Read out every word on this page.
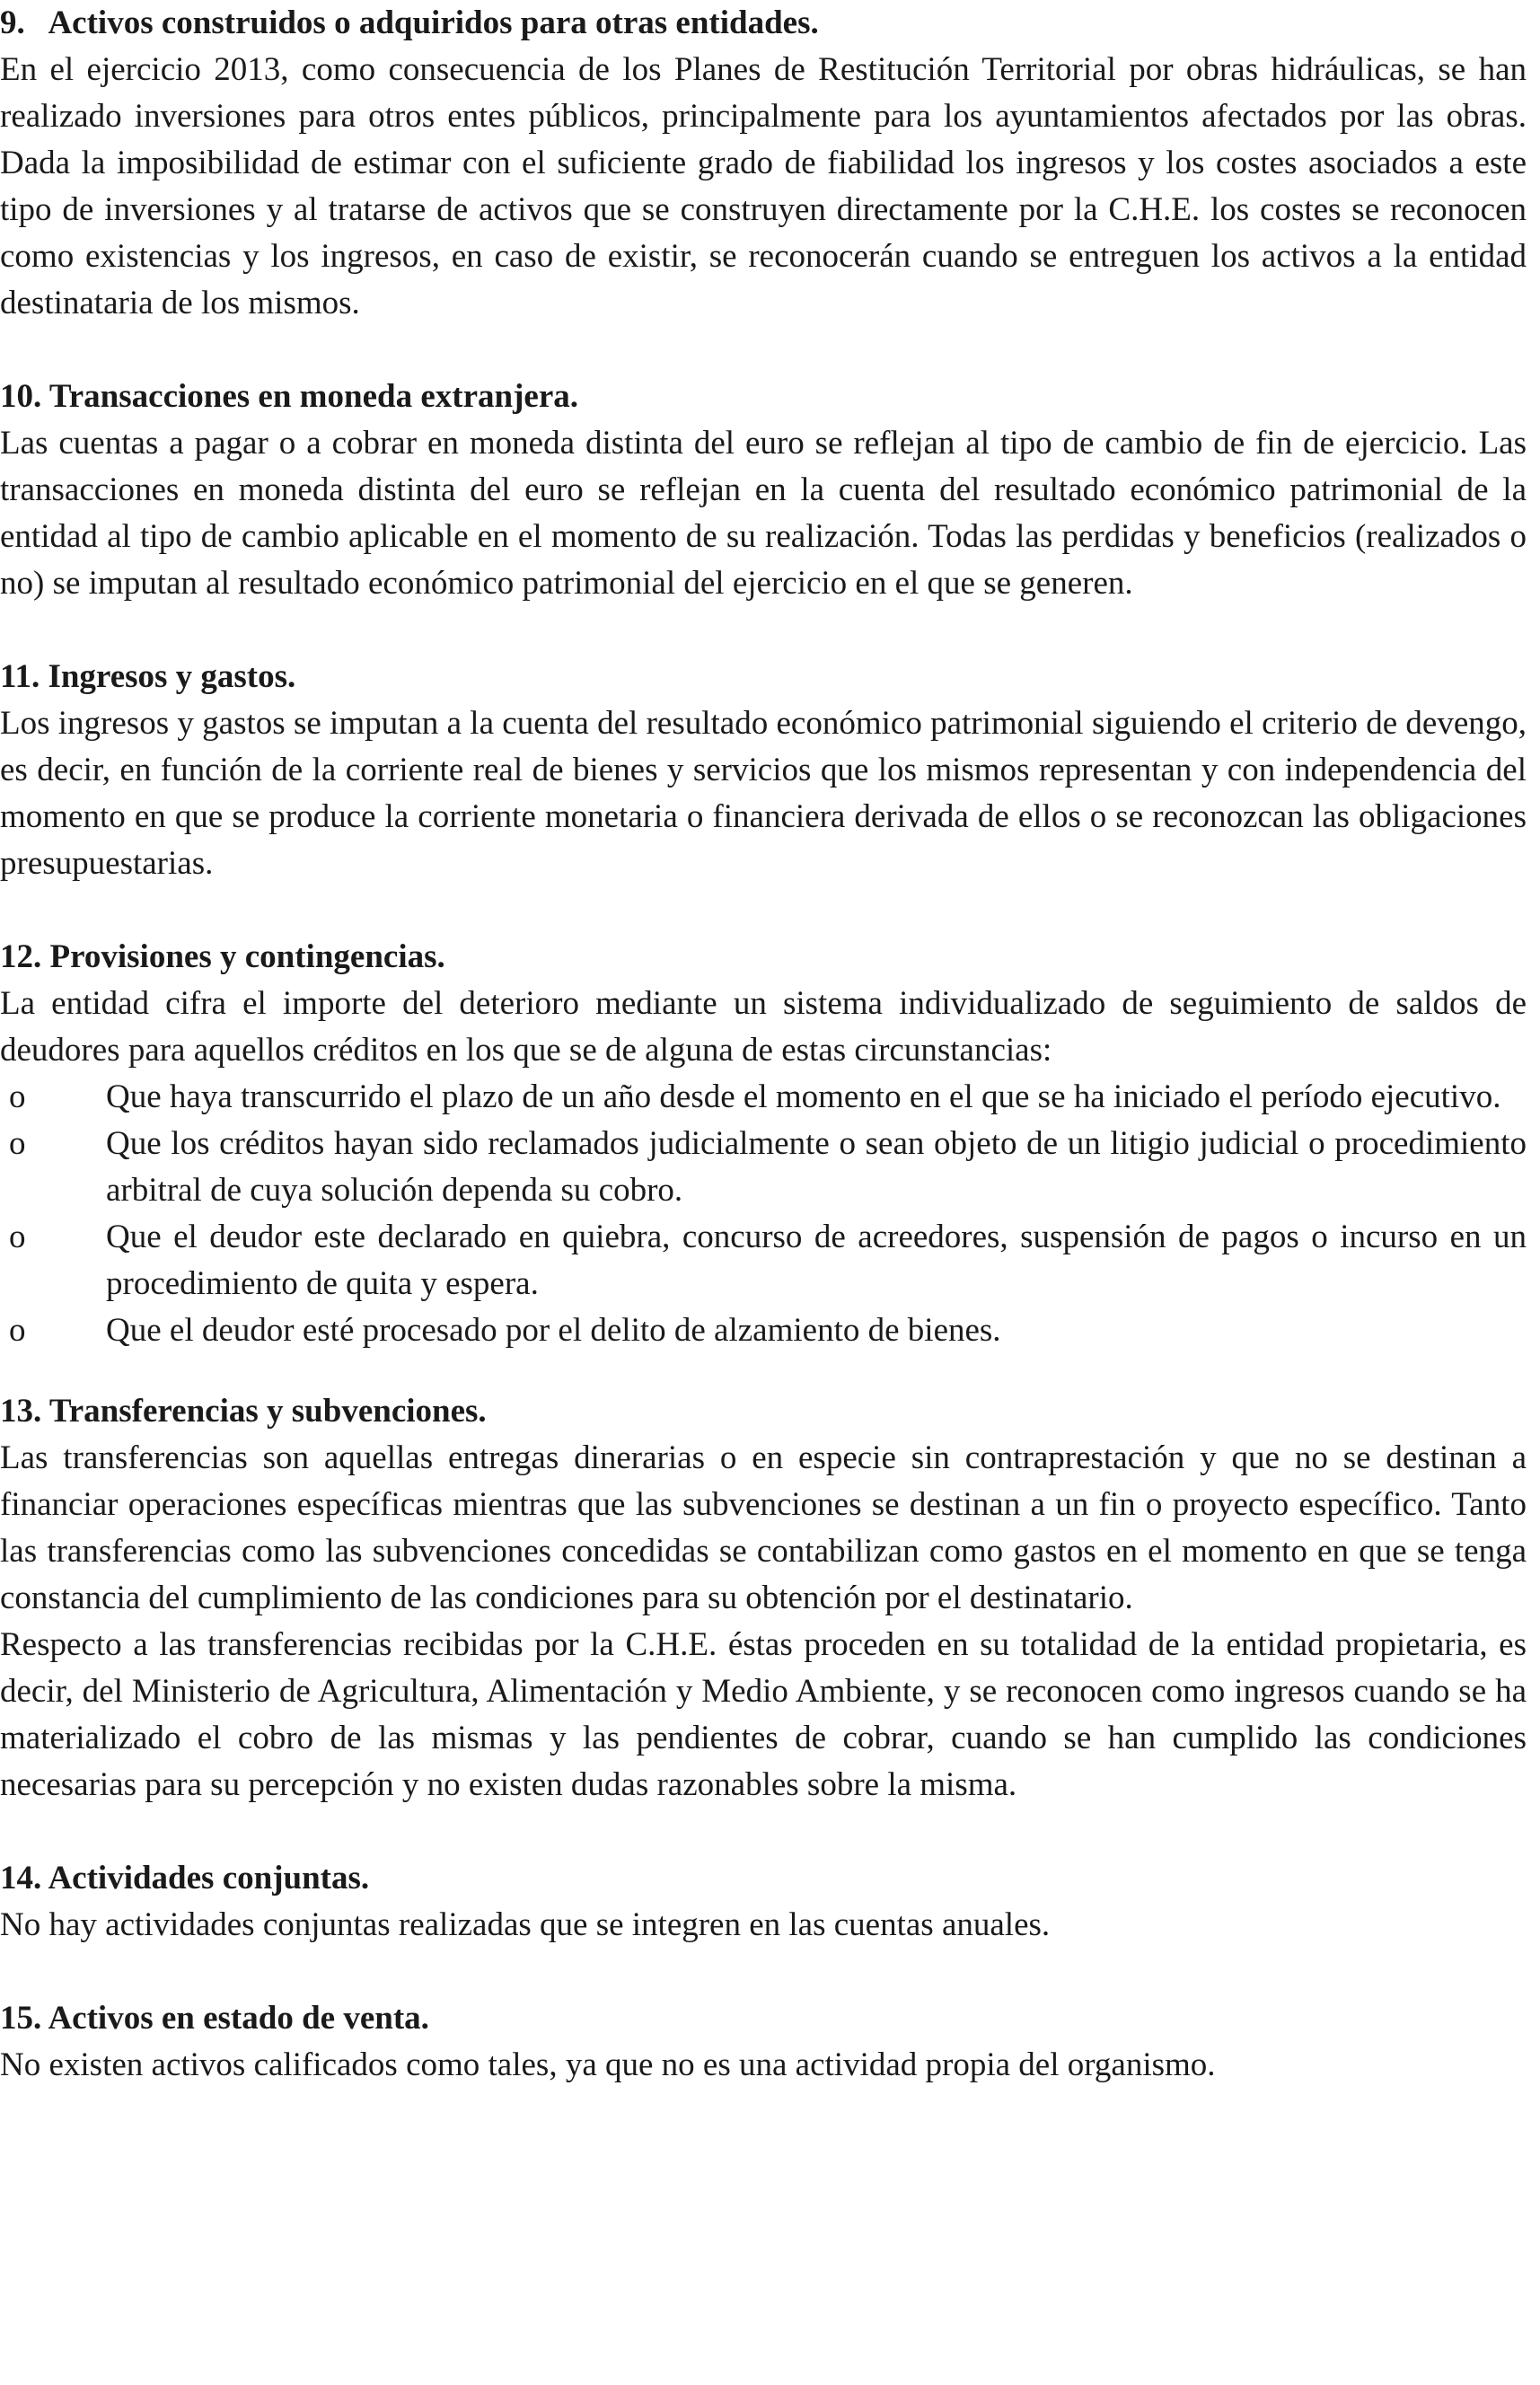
9.   Activos construidos o adquiridos para otras entidades.

En el ejercicio 2013, como consecuencia de los Planes de Restitución Territorial por obras hidráulicas, se han realizado inversiones para otros entes públicos, principalmente para los ayuntamientos afectados por las obras. Dada la imposibilidad de estimar con el suficiente grado de fiabilidad los ingresos y los costes asociados a este tipo de inversiones y al tratarse de activos que se construyen directamente por la C.H.E. los costes se reconocen como existencias y los ingresos, en caso de existir, se reconocerán cuando se entreguen los activos a la entidad destinataria de los mismos.

10. Transacciones en moneda extranjera.

Las cuentas a pagar o a cobrar en moneda distinta del euro se reflejan al tipo de cambio de fin de ejercicio. Las transacciones en moneda distinta del euro se reflejan en la cuenta del resultado económico patrimonial de la entidad al tipo de cambio aplicable en el momento de su realización. Todas las perdidas y beneficios (realizados o no) se imputan al resultado económico patrimonial del ejercicio en el que se generen.

11. Ingresos y gastos.

Los ingresos y gastos se imputan a la cuenta del resultado económico patrimonial siguiendo el criterio de devengo, es decir, en función de la corriente real de bienes y servicios que los mismos representan y con independencia del momento en que se produce la corriente monetaria o financiera derivada de ellos o se reconozcan las obligaciones presupuestarias.

12. Provisiones y contingencias.

La entidad cifra el importe del deterioro mediante un sistema individualizado de seguimiento de saldos de deudores para aquellos créditos en los que se de alguna de estas circunstancias:

o Que haya transcurrido el plazo de un año desde el momento en el que se ha iniciado el período ejecutivo.
o Que los créditos hayan sido reclamados judicialmente o sean objeto de un litigio judicial o procedimiento arbitral de cuya solución dependa su cobro.
o Que el deudor este declarado en quiebra, concurso de acreedores, suspensión de pagos o incurso en un procedimiento de quita y espera.
o Que el deudor esté procesado por el delito de alzamiento de bienes.

13. Transferencias y subvenciones.

Las transferencias son aquellas entregas dinerarias o en especie sin contraprestación y que no se destinan a financiar operaciones específicas mientras que las subvenciones se destinan a un fin o proyecto específico. Tanto las transferencias como las subvenciones concedidas se contabilizan como gastos en el momento en que se tenga constancia del cumplimiento de las condiciones para su obtención por el destinatario.

Respecto a las transferencias recibidas por la C.H.E. éstas proceden en su totalidad de la entidad propietaria, es decir, del Ministerio de Agricultura, Alimentación y Medio Ambiente, y se reconocen como ingresos cuando se ha materializado el cobro de las mismas y las pendientes de cobrar, cuando se han cumplido las condiciones necesarias para su percepción y no existen dudas razonables sobre la misma.

14. Actividades conjuntas.

No hay actividades conjuntas realizadas que se integren en las cuentas anuales.

15. Activos en estado de venta.

No existen activos calificados como tales, ya que no es una actividad propia del organismo.
